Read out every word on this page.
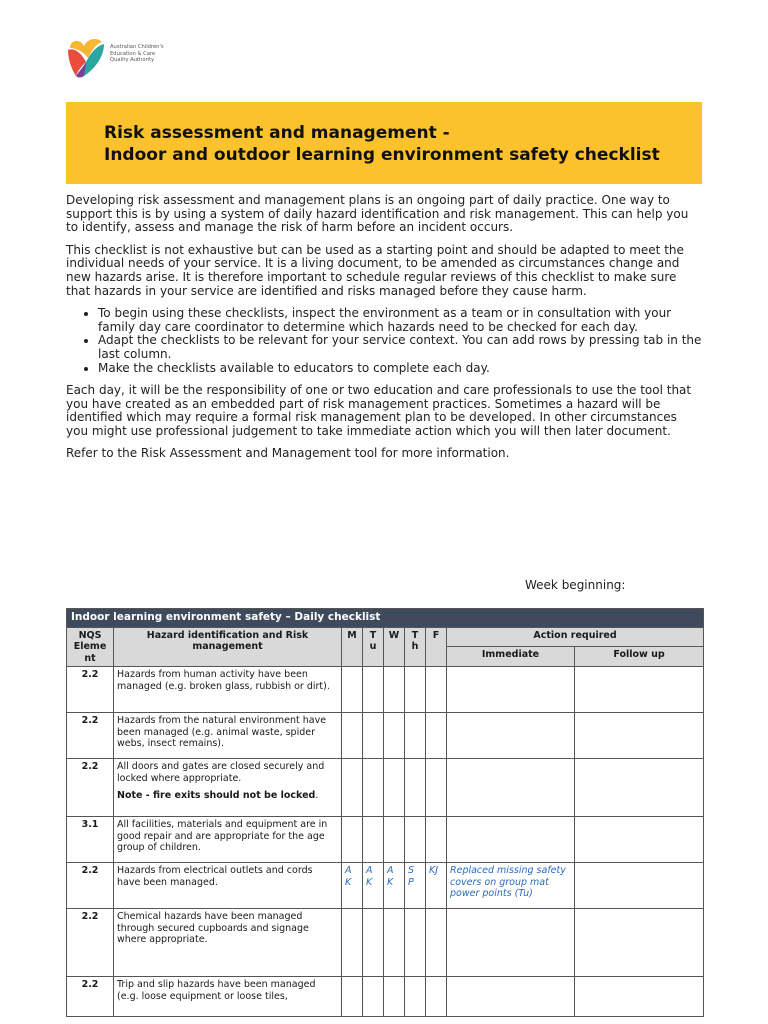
Australian Children's
Education & Care
Quality Authority
Risk assessment and management -
Indoor and outdoor learning environment safety checklist

Developing risk assessment and management plans is an ongoing part of daily practice. One way to support this is by using a system of daily hazard identification and risk management. This can help you to identify, assess and manage the risk of harm before an incident occurs.

This checklist is not exhaustive but can be used as a starting point and should be adapted to meet the individual needs of your service. It is a living document, to be amended as circumstances change and new hazards arise. It is therefore important to schedule regular reviews of this checklist to make sure that hazards in your service are identified and risks managed before they cause harm.

• To begin using these checklists, inspect the environment as a team or in consultation with your family day care coordinator to determine which hazards need to be checked for each day.
• Adapt the checklists to be relevant for your service context. You can add rows by pressing tab in the last column.
• Make the checklists available to educators to complete each day.

Each day, it will be the responsibility of one or two education and care professionals to use the tool that you have created as an embedded part of risk management practices. Sometimes a hazard will be identified which may require a formal risk management plan to be developed. In other circumstances you might use professional judgement to take immediate action which you will then later document.

Refer to the Risk Assessment and Management tool for more information.

Week beginning:
Indoor learning environment safety – Daily checklist								
NQS Eleme nt	Hazard identification and Risk management	M	T u	W	T h	F	Action required	
							Immediate	Follow up
2.2	Hazards from human activity have been managed (e.g. broken glass, rubbish or dirt).							
2.2	Hazards from the natural environment have been managed (e.g. animal waste, spider webs, insect remains).							
2.2	All doors and gates are closed securely and locked where appropriate.
Note - fire exits should not be locked.							

3.1	All facilities, materials and equipment are in good repair and are appropriate for the age group of children.							
2.2	Hazards from electrical outlets and cords have been managed.	A K	A K	A K	S P	KJ	Replaced missing safety covers on group mat power points (Tu)	
2.2	Chemical hazards have been managed through secured cupboards and signage where appropriate.							
2.2	Trip and slip hazards have been managed (e.g. loose equipment or loose tiles,							
